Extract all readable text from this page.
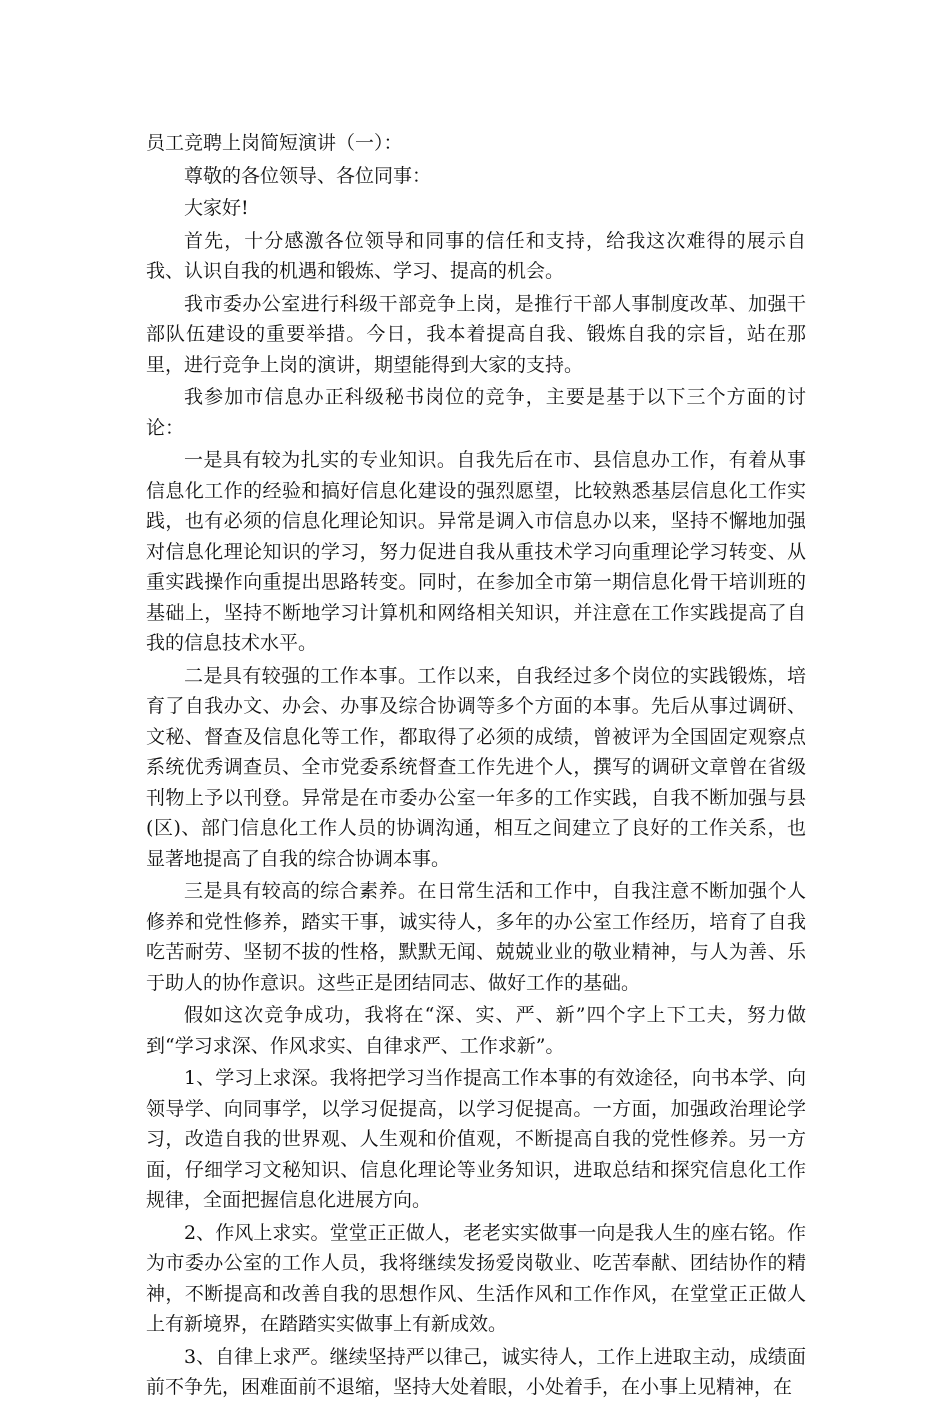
员工竞聘上岗简短演讲（一）：

尊敬的各位领导、各位同事：

大家好!

首先，十分感激各位领导和同事的信任和支持，给我这次难得的展示自我、认识自我的机遇和锻炼、学习、提高的机会。

我市委办公室进行科级干部竞争上岗，是推行干部人事制度改革、加强干部队伍建设的重要举措。今日，我本着提高自我、锻炼自我的宗旨，站在那里，进行竞争上岗的演讲，期望能得到大家的支持。

我参加市信息办正科级秘书岗位的竞争，主要是基于以下三个方面的讨论：

一是具有较为扎实的专业知识。自我先后在市、县信息办工作，有着从事信息化工作的经验和搞好信息化建设的强烈愿望，比较熟悉基层信息化工作实践，也有必须的信息化理论知识。异常是调入市信息办以来，坚持不懈地加强对信息化理论知识的学习，努力促进自我从重技术学习向重理论学习转变、从重实践操作向重提出思路转变。同时，在参加全市第一期信息化骨干培训班的基础上，坚持不断地学习计算机和网络相关知识，并注意在工作实践提高了自我的信息技术水平。

二是具有较强的工作本事。工作以来，自我经过多个岗位的实践锻炼，培育了自我办文、办会、办事及综合协调等多个方面的本事。先后从事过调研、文秘、督查及信息化等工作，都取得了必须的成绩，曾被评为全国固定观察点系统优秀调查员、全市党委系统督查工作先进个人，撰写的调研文章曾在省级刊物上予以刊登。异常是在市委办公室一年多的工作实践，自我不断加强与县(区)、部门信息化工作人员的协调沟通，相互之间建立了良好的工作关系，也显著地提高了自我的综合协调本事。

三是具有较高的综合素养。在日常生活和工作中，自我注意不断加强个人修养和党性修养，踏实干事，诚实待人，多年的办公室工作经历，培育了自我吃苦耐劳、坚韧不拔的性格，默默无闻、兢兢业业的敬业精神，与人为善、乐于助人的协作意识。这些正是团结同志、做好工作的基础。

假如这次竞争成功，我将在“深、实、严、新”四个字上下工夫，努力做到“学习求深、作风求实、自律求严、工作求新”。

1、学习上求深。我将把学习当作提高工作本事的有效途径，向书本学、向领导学、向同事学，以学习促提高，以学习促提高。一方面，加强政治理论学习，改造自我的世界观、人生观和价值观，不断提高自我的党性修养。另一方面，仔细学习文秘知识、信息化理论等业务知识，进取总结和探究信息化工作规律，全面把握信息化进展方向。

2、作风上求实。堂堂正正做人，老老实实做事一向是我人生的座右铭。作为市委办公室的工作人员，我将继续发扬爱岗敬业、吃苦奉献、团结协作的精神，不断提高和改善自我的思想作风、生活作风和工作作风，在堂堂正正做人上有新境界，在踏踏实实做事上有新成效。

3、自律上求严。继续坚持严以律己，诚实待人，工作上进取主动，成绩面前不争先，困难面前不退缩，坚持大处着眼，小处着手，在小事上见精神，在
